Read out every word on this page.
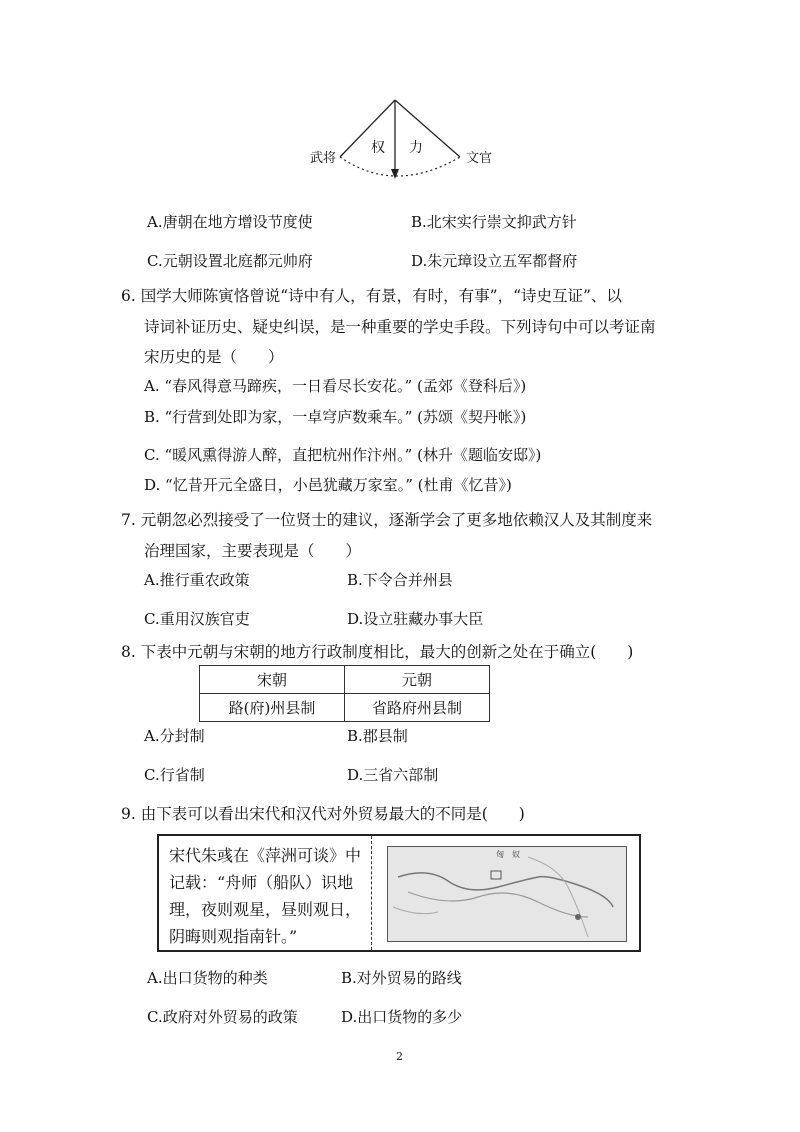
武将	文官
权 力
A.唐朝在地方增设节度使	B.北宋实行崇文抑武方针
C.元朝设置北庭都元帅府	D.朱元璋设立五军都督府
6. 国学大师陈寅恪曾说“诗中有人，有景，有时，有事”，“诗史互证”、以
诗词补证历史、疑史纠误，是一种重要的学史手段。下列诗句中可以考证南
宋历史的是（　　）
A. “春风得意马蹄疾，一日看尽长安花。” (孟郊《登科后》)
B. “行营到处即为家，一卓穹庐数乘车。” (苏颂《契丹帐》)
C. “暖风熏得游人醉，直把杭州作汴州。” (林升《题临安邸》)
D. “忆昔开元全盛日，小邑犹藏万家室。” (杜甫《忆昔》)
7. 元朝忽必烈接受了一位贤士的建议，逐渐学会了更多地依赖汉人及其制度来
治理国家，主要表现是（　　）
A.推行重农政策	B.下令合并州县
C.重用汉族官吏	D.设立驻藏办事大臣
8. 下表中元朝与宋朝的地方行政制度相比，最大的创新之处在于确立(　　)
宋朝	元朝
路(府)州县制	省路府州县制
A.分封制	B.郡县制
C.行省制	D.三省六部制
9. 由下表可以看出宋代和汉代对外贸易最大的不同是(　　)
宋代朱彧在《萍洲可谈》中记载：“舟师（船队）识地理，夜则观星，昼则观日，阴晦则观指南针。”
匈　奴
A.出口货物的种类	B.对外贸易的路线
C.政府对外贸易的政策	D.出口货物的多少
2
